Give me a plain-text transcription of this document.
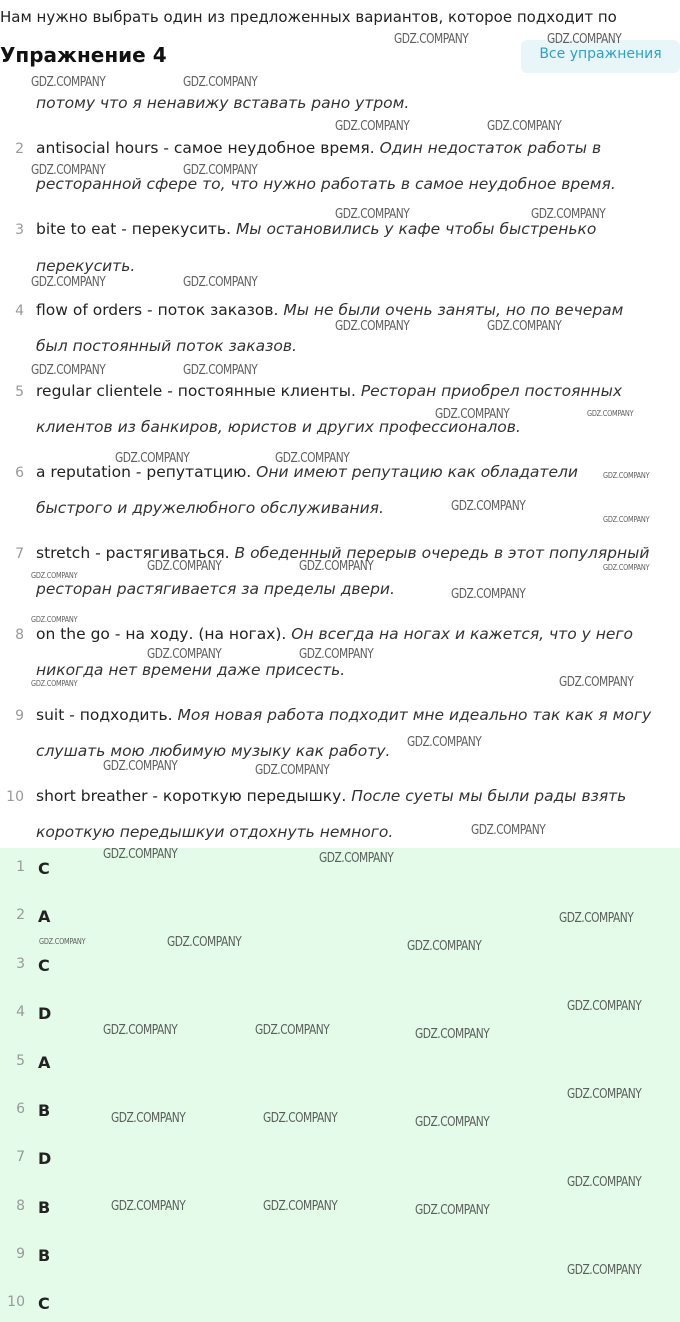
Нам нужно выбрать один из предложенных вариантов, которое подходит по
Упражнение 4	Все упражнения
потому что я ненавижу вставать рано утром.
2 antisocial hours - самое неудобное время. Один недостаток работы в
ресторанной сфере то, что нужно работать в самое неудобное время.
3 bite to eat - перекусить. Мы остановились у кафе чтобы быстренько
перекусить.
4 flow of orders - поток заказов. Мы не были очень заняты, но по вечерам
был постоянный поток заказов.
5 regular clientele - постоянные клиенты. Ресторан приобрел постоянных
клиентов из банкиров, юристов и других профессионалов.
6 a reputation - репутатцию. Они имеют репутацию как обладатели
быстрого и дружелюбного обслуживания.
7 stretch - растягиваться. В обеденный перерыв очередь в этот популярный
ресторан растягивается за пределы двери.
8 on the go - на ходу. (на ногах). Он всегда на ногах и кажется, что у него
никогда нет времени даже присесть.
9 suit - подходить. Моя новая работа подходит мне идеально так как я могу
слушать мою любимую музыку как работу.
10 short breather - короткую передышку. После суеты мы были рады взять
короткую передышкуи отдохнуть немного.
1 C
2 A
3 C
4 D
5 A
6 B
7 D
8 B
9 B
10 C
GDZ.COMPANY	GDZ.COMPANY
GDZ.COMPANY	GDZ.COMPANY
GDZ.COMPANY	GDZ.COMPANY
GDZ.COMPANY	GDZ.COMPANY
GDZ.COMPANY	GDZ.COMPANY
GDZ.COMPANY	GDZ.COMPANY
GDZ.COMPANY	GDZ.COMPANY
GDZ.COMPANY	GDZ.COMPANY
GDZ.COMPANY	GDZ.COMPANY
GDZ.COMPANY	GDZ.COMPANY
GDZ.COMPANY
GDZ.COMPANY
GDZ.COMPANY
GDZ.COMPANY	GDZ.COMPANY	GDZ.COMPANY
GDZ.COMPANY
GDZ.COMPANY
GDZ.COMPANY
GDZ.COMPANY	GDZ.COMPANY
GDZ.COMPANY	GDZ.COMPANY
GDZ.COMPANY
GDZ.COMPANY	GDZ.COMPANY
GDZ.COMPANY
GDZ.COMPANY	GDZ.COMPANY
GDZ.COMPANY
GDZ.COMPANY	GDZ.COMPANY	GDZ.COMPANY
GDZ.COMPANY
GDZ.COMPANY	GDZ.COMPANY	GDZ.COMPANY
GDZ.COMPANY
GDZ.COMPANY	GDZ.COMPANY	GDZ.COMPANY
GDZ.COMPANY
GDZ.COMPANY	GDZ.COMPANY	GDZ.COMPANY
GDZ.COMPANY
